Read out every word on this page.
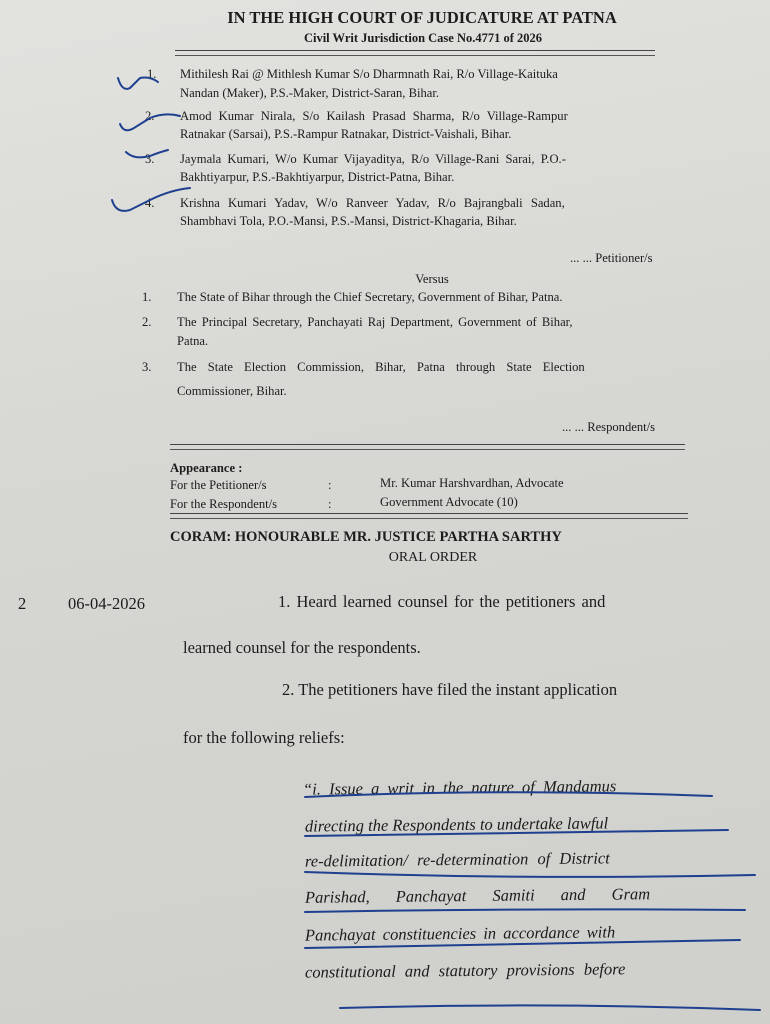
IN THE HIGH COURT OF JUDICATURE AT PATNA
Civil Writ Jurisdiction Case No.4771 of 2026
1. Mithilesh Rai @ Mithlesh Kumar S/o Dharmnath Rai, R/o Village-Kaituka
Nandan (Maker), P.S.-Maker, District-Saran, Bihar.
2. Amod Kumar Nirala, S/o Kailash Prasad Sharma, R/o Village-Rampur
Ratnakar (Sarsai), P.S.-Rampur Ratnakar, District-Vaishali, Bihar.
3. Jaymala Kumari, W/o Kumar Vijayaditya, R/o Village-Rani Sarai, P.O.-
Bakhtiyarpur, P.S.-Bakhtiyarpur, District-Patna, Bihar.
4. Krishna Kumari Yadav, W/o Ranveer Yadav, R/o Bajrangbali Sadan,
Shambhavi Tola, P.O.-Mansi, P.S.-Mansi, District-Khagaria, Bihar.
... ... Petitioner/s
Versus
1. The State of Bihar through the Chief Secretary, Government of Bihar, Patna.
2. The Principal Secretary, Panchayati Raj Department, Government of Bihar,
Patna.
3. The State Election Commission, Bihar, Patna through State Election
Commissioner, Bihar.
... ... Respondent/s
Appearance :
For the Petitioner/s	:	Mr. Kumar Harshvardhan, Advocate
For the Respondent/s	:	Government Advocate (10)
CORAM: HONOURABLE MR. JUSTICE PARTHA SARTHY
ORAL ORDER
2	06-04-2026	1. Heard learned counsel for the petitioners and
learned counsel for the respondents.
2. The petitioners have filed the instant application
for the following reliefs:
“i. Issue a writ in the nature of Mandamus
directing the Respondents to undertake lawful
re-delimitation/ re-determination of District
Parishad, Panchayat Samiti and Gram
Panchayat constituencies in accordance with
constitutional and statutory provisions before
